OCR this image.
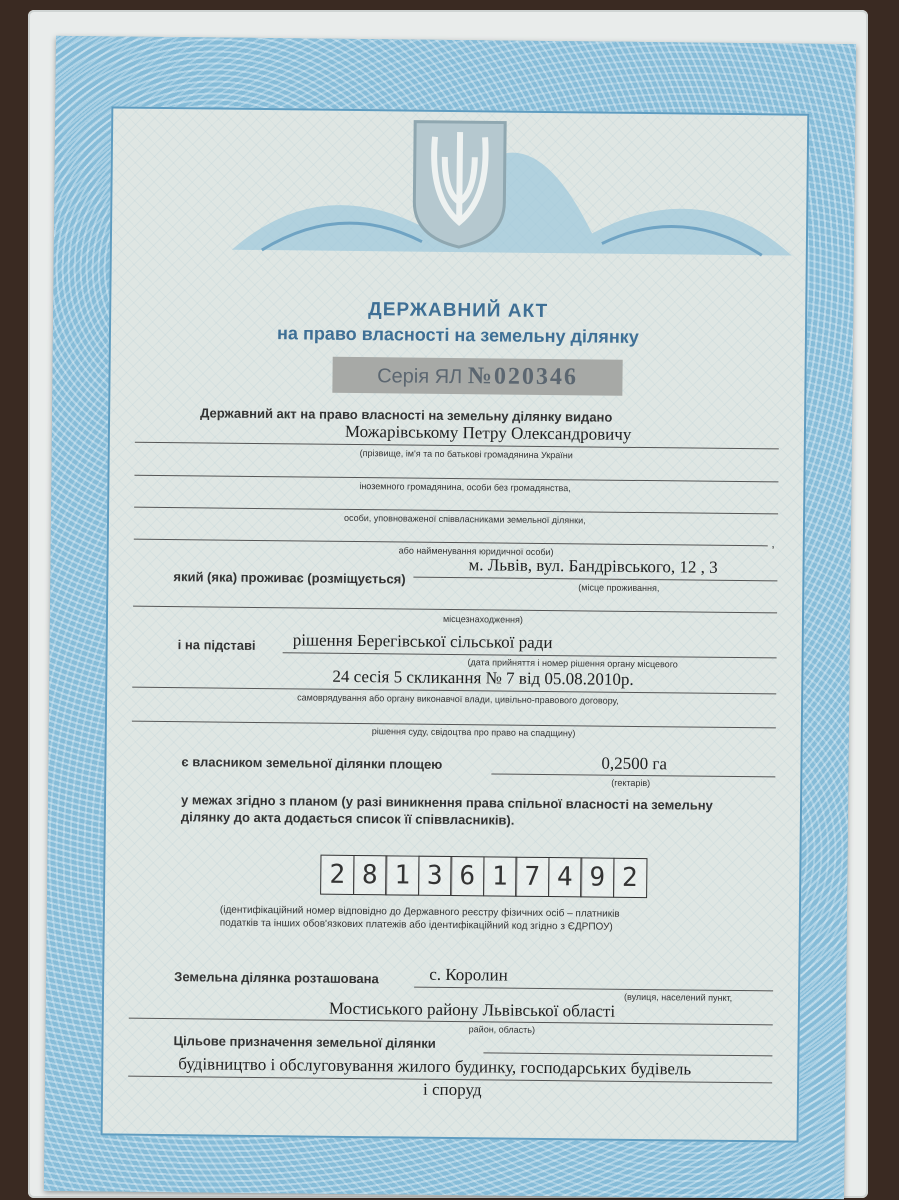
ДЕРЖАВНИЙ АКТ
на право власності на земельну ділянку
Серія ЯЛ №020346
Державний акт на право власності на земельну ділянку видано
Можарівському Петру Олександровичу
(прізвище, ім'я та по батькові громадянина України
іноземного громадянина, особи без громадянства,
особи, уповноваженої співвласниками земельної ділянки,
,
або найменування юридичної особи)
який (яка) проживає (розміщується)
м. Львів, вул. Бандрівського, 12 , 3
(місце проживання,
місцезнаходження)
і на підставі рішення Берегівської сільської ради
(дата прийняття і номер рішення органу місцевого
24 сесія 5 скликання № 7 від 05.08.2010р.
самоврядування або органу виконавчої влади, цивільно-правового договору,
рішення суду, свідоцтва про право на спадщину)
є власником земельної ділянки площею	0,2500 га
(гектарів)
у межах згідно з планом (у разі виникнення права спільної власності на земельну
ділянку до акта додається список її співвласників).
2 8 1 3 6 1 7 4 9 2
(ідентифікаційний номер відповідно до Державного реєстру фізичних осіб – платників
податків та інших обов'язкових платежів або ідентифікаційний код згідно з ЄДРПОУ)
Земельна ділянка розташована	с. Королин
(вулиця, населений пункт,
Мостиського району Львівської області
район, область)
Цільове призначення земельної ділянки
будівництво і обслуговування жилого будинку, господарських будівель
і споруд
